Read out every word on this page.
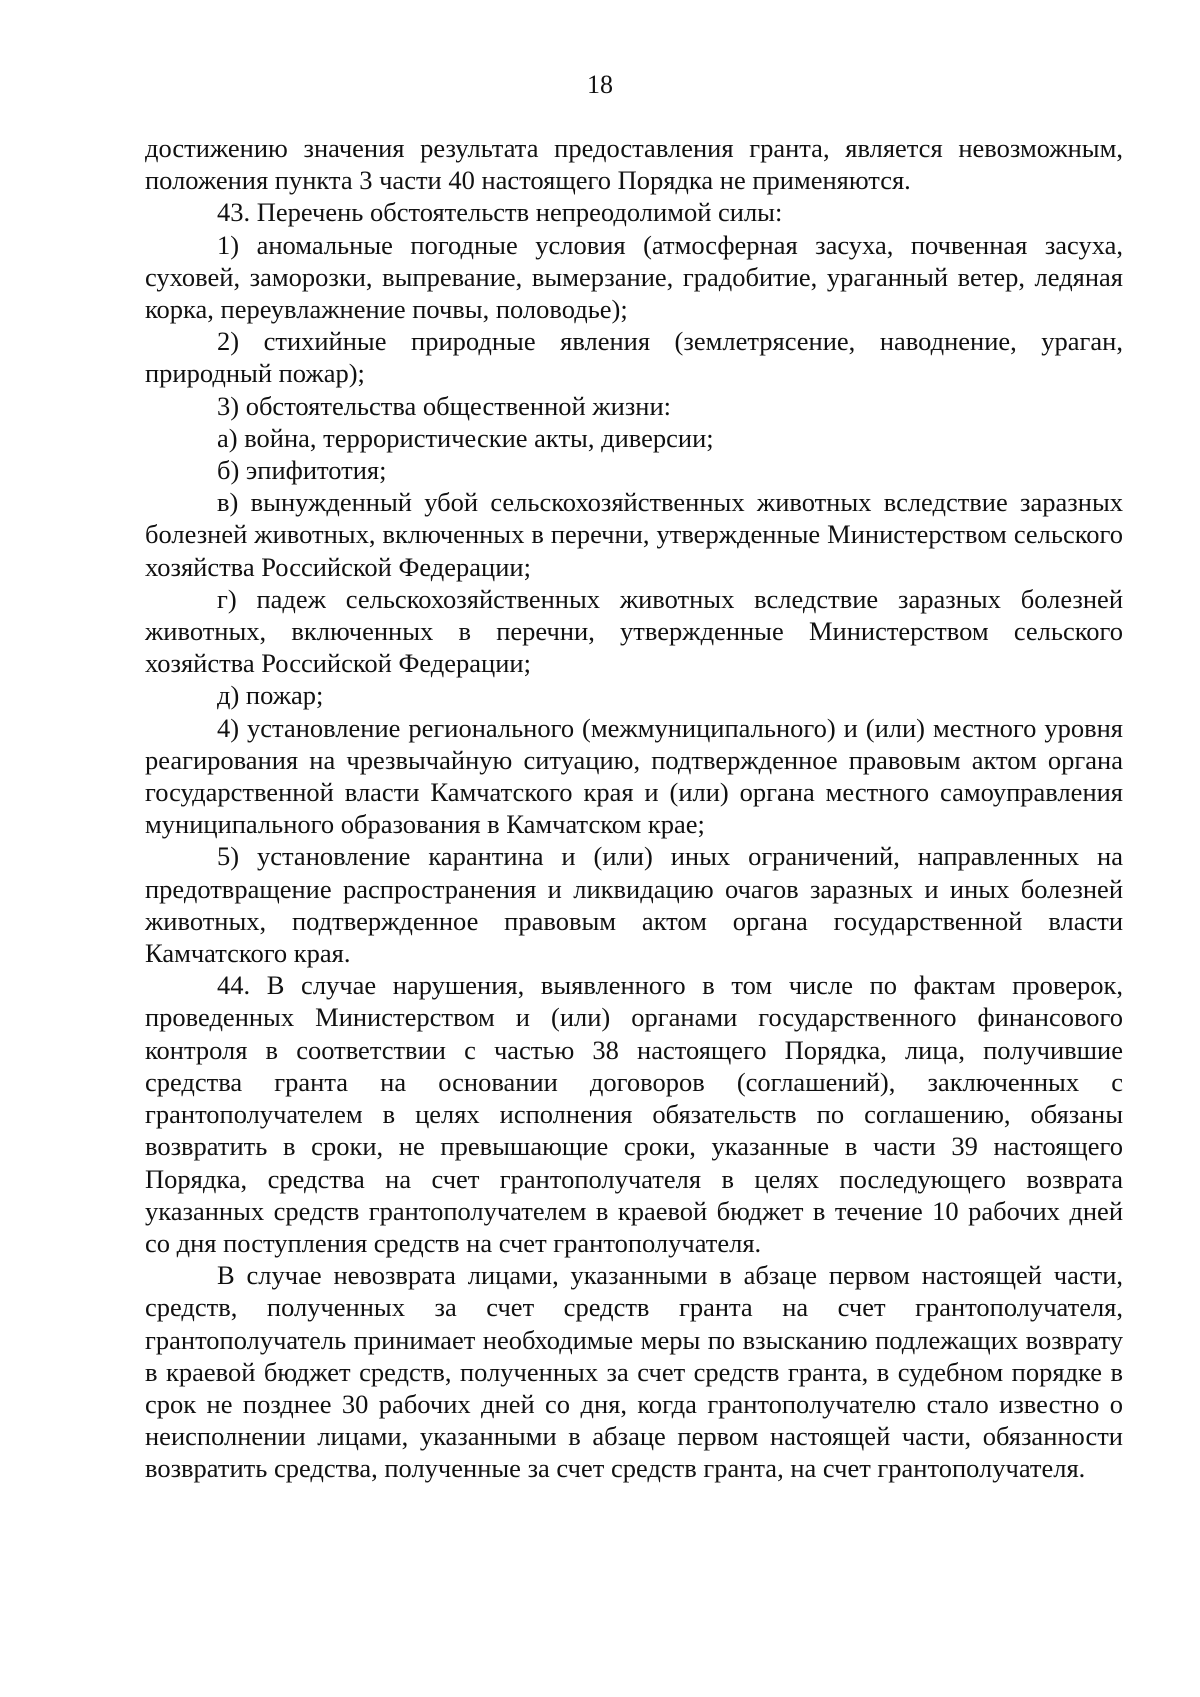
18

достижению значения результата предоставления гранта, является невозможным, положения пункта 3 части 40 настоящего Порядка не применяются.

43. Перечень обстоятельств непреодолимой силы:

1) аномальные погодные условия (атмосферная засуха, почвенная засуха, суховей, заморозки, выпревание, вымерзание, градобитие, ураганный ветер, ледяная корка, переувлажнение почвы, половодье);

2) стихийные природные явления (землетрясение, наводнение, ураган, природный пожар);

3) обстоятельства общественной жизни:

а) война, террористические акты, диверсии;

б) эпифитотия;

в) вынужденный убой сельскохозяйственных животных вследствие заразных болезней животных, включенных в перечни, утвержденные Министерством сельского хозяйства Российской Федерации;

г) падеж сельскохозяйственных животных вследствие заразных болезней животных, включенных в перечни, утвержденные Министерством сельского хозяйства Российской Федерации;

д) пожар;

4) установление регионального (межмуниципального) и (или) местного уровня реагирования на чрезвычайную ситуацию, подтвержденное правовым актом органа государственной власти Камчатского края и (или) органа местного самоуправления муниципального образования в Камчатском крае;

5) установление карантина и (или) иных ограничений, направленных на предотвращение распространения и ликвидацию очагов заразных и иных болезней животных, подтвержденное правовым актом органа государственной власти Камчатского края.

44. В случае нарушения, выявленного в том числе по фактам проверок, проведенных Министерством и (или) органами государственного финансового контроля в соответствии с частью 38 настоящего Порядка, лица, получившие средства гранта на основании договоров (соглашений), заключенных с грантополучателем в целях исполнения обязательств по соглашению, обязаны возвратить в сроки, не превышающие сроки, указанные в части 39 настоящего Порядка, средства на счет грантополучателя в целях последующего возврата указанных средств грантополучателем в краевой бюджет в течение 10 рабочих дней со дня поступления средств на счет грантополучателя.

В случае невозврата лицами, указанными в абзаце первом настоящей части, средств, полученных за счет средств гранта на счет грантополучателя, грантополучатель принимает необходимые меры по взысканию подлежащих возврату в краевой бюджет средств, полученных за счет средств гранта, в судебном порядке в срок не позднее 30 рабочих дней со дня, когда грантополучателю стало известно о неисполнении лицами, указанными в абзаце первом настоящей части, обязанности возвратить средства, полученные за счет средств гранта, на счет грантополучателя.
